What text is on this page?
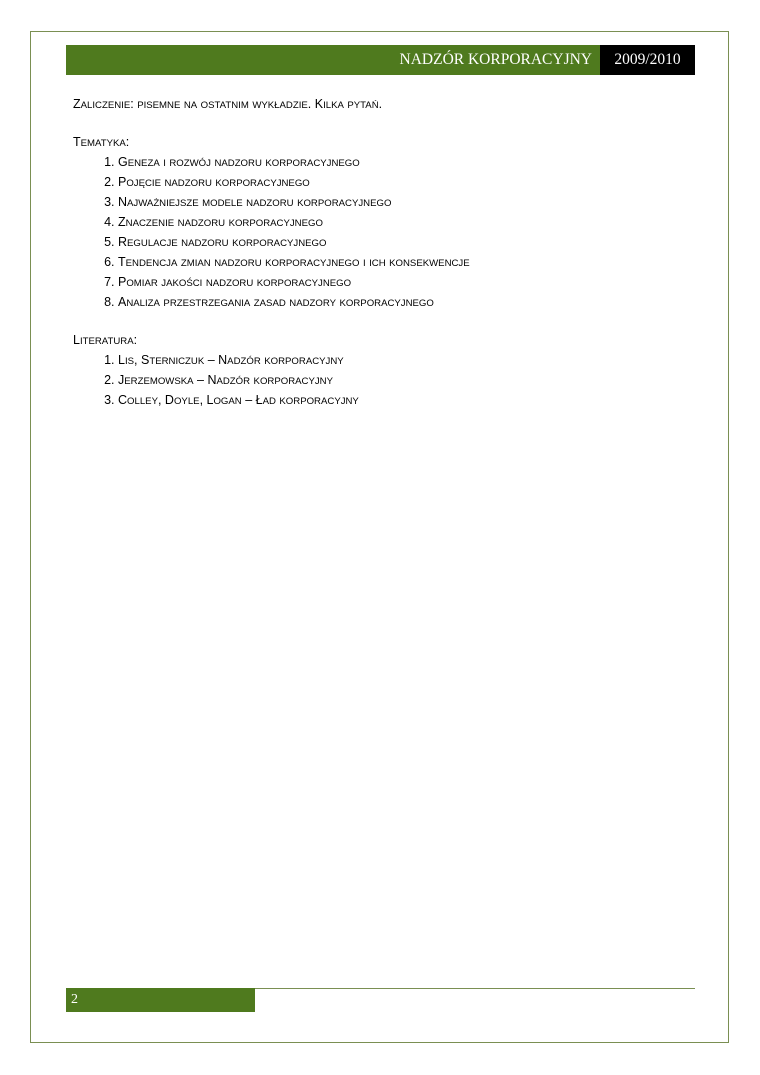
NADZÓR KORPORACYJNY	2009/2010

ZALICZENIE: PISEMNE NA OSTATNIM WYKŁADZIE. KILKA PYTAŃ.

TEMATYKA:

1. GENEZA I ROZWÓJ NADZORU KORPORACYJNEGO
2. POJĘCIE NADZORU KORPORACYJNEGO
3. NAJWAŻNIEJSZE MODELE NADZORU KORPORACYJNEGO
4. ZNACZENIE NADZORU KORPORACYJNEGO
5. REGULACJE NADZORU KORPORACYJNEGO
6. TENDENCJA ZMIAN NADZORU KORPORACYJNEGO I ICH KONSEKWENCJE
7. POMIAR JAKOŚCI NADZORU KORPORACYJNEGO
8. ANALIZA PRZESTRZEGANIA ZASAD NADZORY KORPORACYJNEGO

LITERATURA:

1. LIS, STERNICZUK – NADZÓR KORPORACYJNY
2. JERZEMOWSKA – NADZÓR KORPORACYJNY
3. COLLEY, DOYLE, LOGAN – ŁAD KORPORACYJNY
2
